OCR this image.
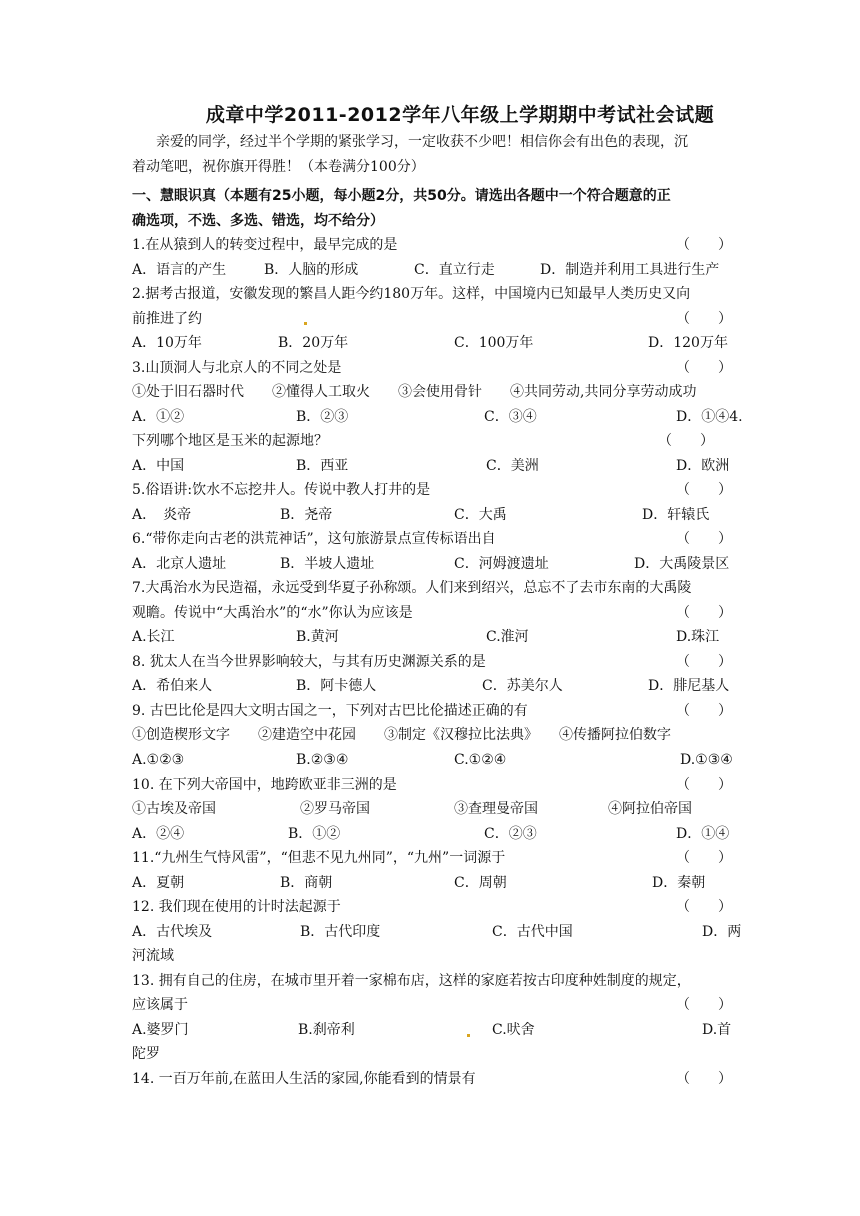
成章中学2011-2012学年八年级上学期期中考试社会试题
亲爱的同学，经过半个学期的紧张学习，一定收获不少吧！相信你会有出色的表现，沉
着动笔吧，祝你旗开得胜！（本卷满分100分）
一、慧眼识真（本题有25小题，每小题2分，共50分。请选出各题中一个符合题意的正
确选项，不选、多选、错选，均不给分）
1.在从猿到人的转变过程中，最早完成的是	（　　）
A．语言的产生	B．人脑的形成	C．直立行走	D．制造并利用工具进行生产
2.据考古报道，安徽发现的繁昌人距今约180万年。这样，中国境内已知最早人类历史又向
前推进了约	（　　）
A．10万年	B．20万年	C．100万年	D．120万年
3.山顶洞人与北京人的不同之处是	（　　）
①处于旧石器时代　　②懂得人工取火　　③会使用骨针　　④共同劳动,共同分享劳动成功
A．①②	B．②③	C．③④	D．①④4.
下列哪个地区是玉米的起源地？	（　　）
A．中国	B．西亚	C．美洲	D．欧洲
5.俗语讲:饮水不忘挖井人。传说中教人打井的是	（　　）
A．　炎帝	B．尧帝	C．大禹	D．轩辕氏
6.“带你走向古老的洪荒神话”，这句旅游景点宣传标语出自	（　　）
A．北京人遗址	B．半坡人遗址	C．河姆渡遗址	D．大禹陵景区
7.大禹治水为民造福，永远受到华夏子孙称颂。人们来到绍兴，总忘不了去市东南的大禹陵
观瞻。传说中“大禹治水”的“水”你认为应该是	（　　）
A.长江	B.黄河	C.淮河	D.珠江
8. 犹太人在当今世界影响较大，与其有历史渊源关系的是	（　　）
A．希伯来人	B．阿卡德人	C．苏美尔人	D．腓尼基人
9. 古巴比伦是四大文明古国之一，下列对古巴比伦描述正确的有	（　　）
①创造楔形文字　　②建造空中花园　　③制定《汉穆拉比法典》　　④传播阿拉伯数字
A.①②③	B.②③④	C.①②④	D.①③④
10. 在下列大帝国中，地跨欧亚非三洲的是	（　　）
①古埃及帝国　　　　　　②罗马帝国　　　　　　③查理曼帝国　　　　　④阿拉伯帝国
A．②④	B．①②	C．②③	D．①④
11.“九州生气恃风雷”，“但悲不见九州同”，“九州”一词源于	（　　）
A．夏朝	B．商朝	C．周朝	D．秦朝
12. 我们现在使用的计时法起源于	（　　）
A．古代埃及	B．古代印度	C．古代中国	D．两
河流域
13. 拥有自己的住房，在城市里开着一家棉布店，这样的家庭若按古印度种姓制度的规定，
应该属于	（　　）
A.婆罗门	B.刹帝利	C.吠舍	D.首
陀罗
14. 一百万年前,在蓝田人生活的家园,你能看到的情景有	（　　）
